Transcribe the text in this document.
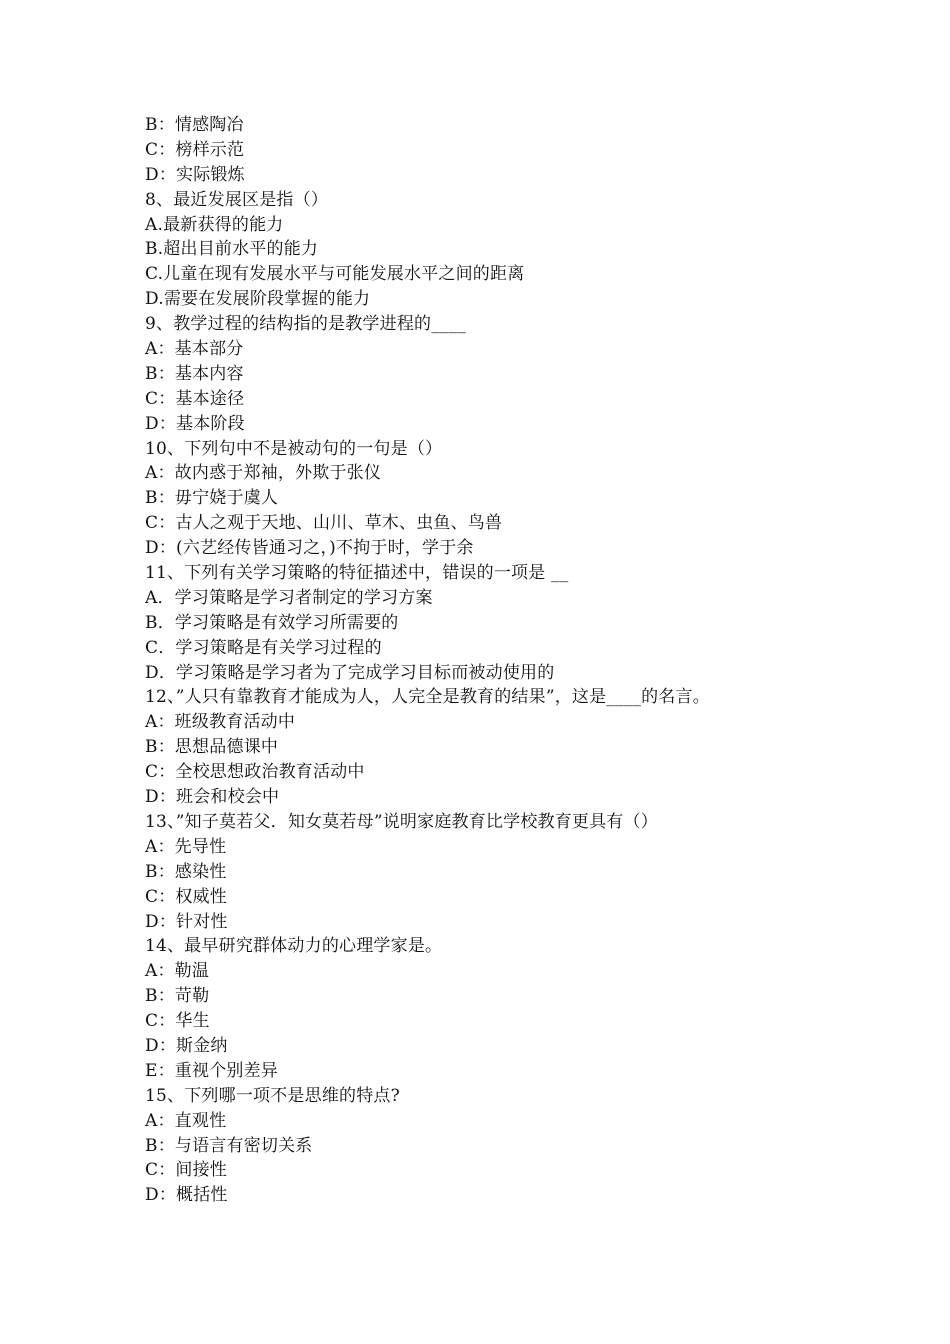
B：情感陶冶
C：榜样示范
D：实际锻炼
8、最近发展区是指（）
A.最新获得的能力
B.超出目前水平的能力
C.儿童在现有发展水平与可能发展水平之间的距离
D.需要在发展阶段掌握的能力
9、教学过程的结构指的是教学进程的____
A：基本部分
B：基本内容
C：基本途径
D：基本阶段
10、下列句中不是被动句的一句是（）
A：故内惑于郑袖，外欺于张仪
B：毋宁娆于虞人
C：古人之观于天地、山川、草木、虫鱼、鸟兽
D：(六艺经传皆通习之，)不拘于时，学于余
11、下列有关学习策略的特征描述中，错误的一项是 __
A．学习策略是学习者制定的学习方案
B．学习策略是有效学习所需要的
C．学习策略是有关学习过程的
D．学习策略是学习者为了完成学习目标而被动使用的
12、”人只有靠教育才能成为人，人完全是教育的结果”，这是____的名言。
A：班级教育活动中
B：思想品德课中
C：全校思想政治教育活动中
D：班会和校会中
13、”知子莫若父．知女莫若母”说明家庭教育比学校教育更具有（）
A：先导性
B：感染性
C：权威性
D：针对性
14、最早研究群体动力的心理学家是。
A：勒温
B：苛勒
C：华生
D：斯金纳
E：重视个别差异
15、下列哪一项不是思维的特点?
A：直观性
B：与语言有密切关系
C：间接性
D：概括性
